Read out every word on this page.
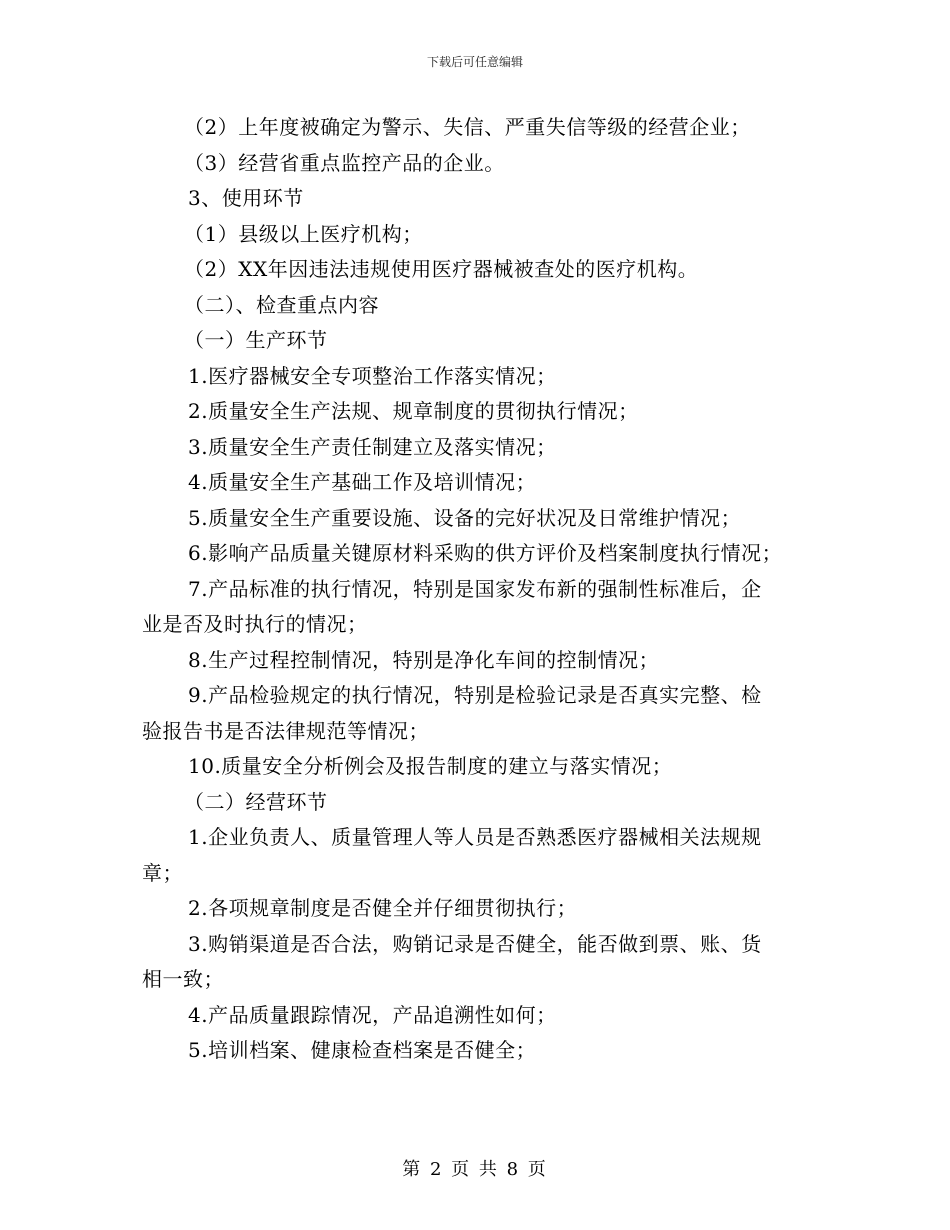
下载后可任意编辑
（2）上年度被确定为警示、失信、严重失信等级的经营企业；
（3）经营省重点监控产品的企业。
3、使用环节
（1）县级以上医疗机构；
（2）XX年因违法违规使用医疗器械被查处的医疗机构。
（二）、检查重点内容
（一）生产环节
1.医疗器械安全专项整治工作落实情况；
2.质量安全生产法规、规章制度的贯彻执行情况；
3.质量安全生产责任制建立及落实情况；
4.质量安全生产基础工作及培训情况；
5.质量安全生产重要设施、设备的完好状况及日常维护情况；
6.影响产品质量关键原材料采购的供方评价及档案制度执行情况；
7.产品标准的执行情况，特别是国家发布新的强制性标准后，企
业是否及时执行的情况；
8.生产过程控制情况，特别是净化车间的控制情况；
9.产品检验规定的执行情况，特别是检验记录是否真实完整、检
验报告书是否法律规范等情况；
10.质量安全分析例会及报告制度的建立与落实情况；
（二）经营环节
1.企业负责人、质量管理人等人员是否熟悉医疗器械相关法规规
章；
2.各项规章制度是否健全并仔细贯彻执行；
3.购销渠道是否合法，购销记录是否健全，能否做到票、账、货
相一致；
4.产品质量跟踪情况，产品追溯性如何；
5.培训档案、健康检查档案是否健全；
第 2 页 共 8 页
